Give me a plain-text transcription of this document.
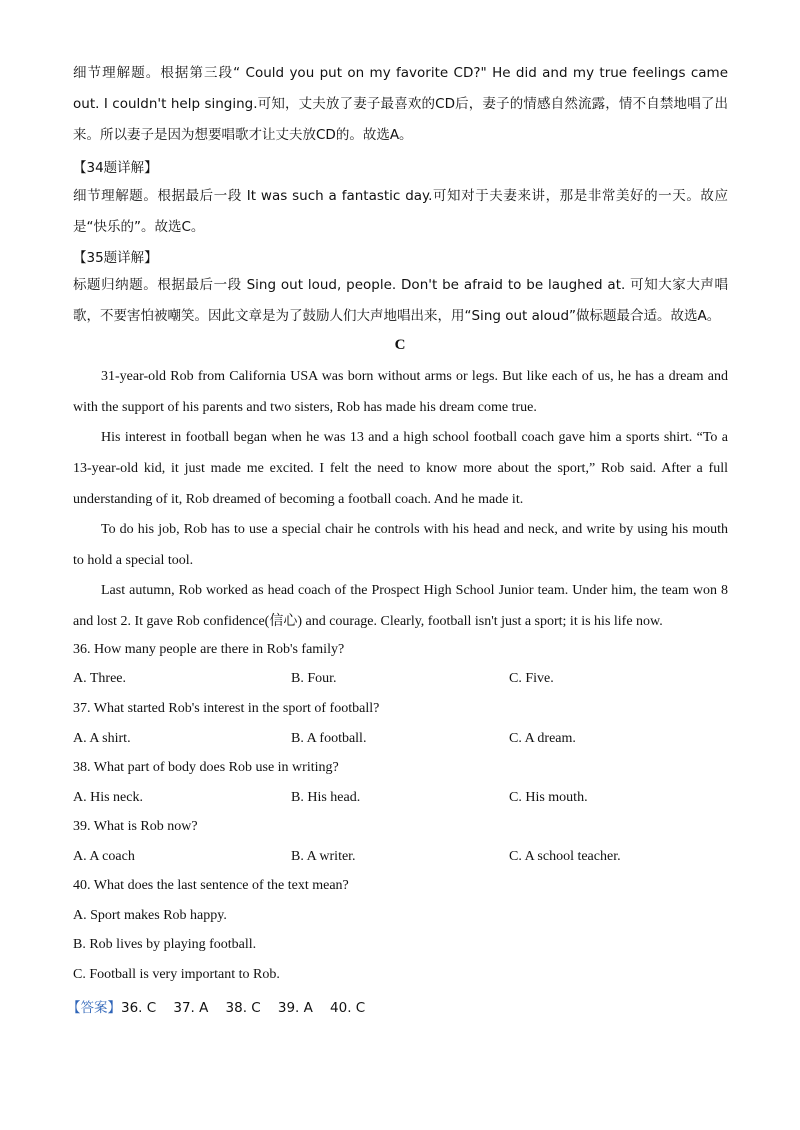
细节理解题。根据第三段“ Could you put on my favorite CD?" He did and my true feelings came out. I couldn't help singing.可知，丈夫放了妻子最喜欢的CD后，妻子的情感自然流露，情不自禁地唱了出来。所以妻子是因为想要唱歌才让丈夫放CD的。故选A。
【34题详解】
细节理解题。根据最后一段 It was such a fantastic day.可知对于夫妻来讲，那是非常美好的一天。故应是“快乐的”。故选C。
【35题详解】
标题归纳题。根据最后一段 Sing out loud, people. Don't be afraid to be laughed at. 可知大家大声唱歌，不要害怕被嘲笑。因此文章是为了鼓励人们大声地唱出来，用“Sing out aloud”做标题最合适。故选A。
C
31-year-old Rob from California USA was born without arms or legs. But like each of us, he has a dream and with the support of his parents and two sisters, Rob has made his dream come true.
His interest in football began when he was 13 and a high school football coach gave him a sports shirt. “To a 13-year-old kid, it just made me excited. I felt the need to know more about the sport,” Rob said. After a full understanding of it, Rob dreamed of becoming a football coach. And he made it.
To do his job, Rob has to use a special chair he controls with his head and neck, and write by using his mouth to hold a special tool.
Last autumn, Rob worked as head coach of the Prospect High School Junior team. Under him, the team won 8 and lost 2. It gave Rob confidence(信心) and courage. Clearly, football isn't just a sport; it is his life now.
36. How many people are there in Rob's family?
A. Three.	B. Four.	C. Five.
37. What started Rob's interest in the sport of football?
A. A shirt.	B. A football.	C. A dream.
38. What part of body does Rob use in writing?
A. His neck.	B. His head.	C. His mouth.
39. What is Rob now?
A. A coach	B. A writer.	C. A school teacher.
40. What does the last sentence of the text mean?
A. Sport makes Rob happy.
B. Rob lives by playing football.
C. Football is very important to Rob.
【答案】36. C    37. A    38. C    39. A    40. C
